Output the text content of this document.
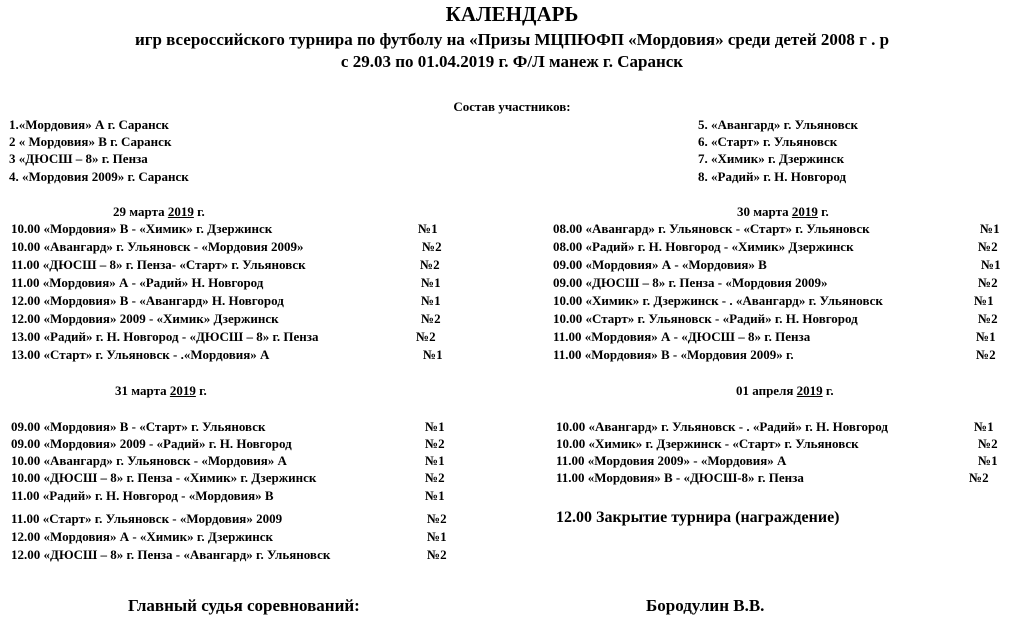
КАЛЕНДАРЬ
игр всероссийского турнира по футболу на «Призы МЦПЮФП «Мордовия» среди детей 2008 г . р
с 29.03 по 01.04.2019 г. Ф/Л манеж г. Саранск
Состав участников:
1.«Мордовия» А г. Саранск
2 « Мордовия» В г. Саранск
3 «ДЮСШ – 8» г. Пенза
4. «Мордовия 2009» г. Саранск
5. «Авангард» г. Ульяновск
6. «Старт» г. Ульяновск
7. «Химик» г. Дзержинск
8. «Радий» г. Н. Новгород
29 марта 2019 г.
10.00 «Мордовия» В - «Химик» г. Дзержинск	№1
10.00 «Авангард» г. Ульяновск - «Мордовия 2009»	№2
11.00 «ДЮСШ – 8» г. Пенза- «Старт» г. Ульяновск	№2
11.00 «Мордовия» А - «Радий» Н. Новгород	№1
12.00 «Мордовия» В - «Авангард» Н. Новгород	№1
12.00 «Мордовия» 2009 - «Химик» Дзержинск	№2
13.00 «Радий» г. Н. Новгород - «ДЮСШ – 8» г. Пенза	№2
13.00 «Старт» г. Ульяновск - .«Мордовия» А	№1
30 марта 2019 г.
08.00 «Авангард» г. Ульяновск - «Старт» г. Ульяновск	№1
08.00 «Радий» г. Н. Новгород - «Химик» Дзержинск	№2
09.00 «Мордовия» А - «Мордовия» В	№1
09.00 «ДЮСШ – 8» г. Пенза - «Мордовия 2009»	№2
10.00 «Химик» г. Дзержинск - . «Авангард» г. Ульяновск	№1
10.00 «Старт» г. Ульяновск - «Радий» г. Н. Новгород	№2
11.00 «Мордовия» А - «ДЮСШ – 8» г. Пенза	№1
11.00 «Мордовия» В - «Мордовия 2009» г.	№2
31 марта 2019 г.
09.00 «Мордовия» В - «Старт» г. Ульяновск	№1
09.00 «Мордовия» 2009 - «Радий» г. Н. Новгород	№2
10.00 «Авангард» г. Ульяновск - «Мордовия» А	№1
10.00 «ДЮСШ – 8» г. Пенза - «Химик» г. Дзержинск	№2
11.00 «Радий» г. Н. Новгород - «Мордовия» В	№1
11.00 «Старт» г. Ульяновск - «Мордовия» 2009	№2
12.00 «Мордовия» А - «Химик» г. Дзержинск	№1
12.00 «ДЮСШ – 8» г. Пенза - «Авангард» г. Ульяновск	№2
01 апреля 2019 г.
10.00 «Авангард» г. Ульяновск - . «Радий» г. Н. Новгород	№1
10.00 «Химик» г. Дзержинск - «Старт» г. Ульяновск	№2
11.00 «Мордовия 2009» - «Мордовия» А	№1
11.00 «Мордовия» В - «ДЮСШ-8» г. Пенза	№2
12.00 Закрытие турнира (награждение)
Главный судья соревнований:	Бородулин В.В.
